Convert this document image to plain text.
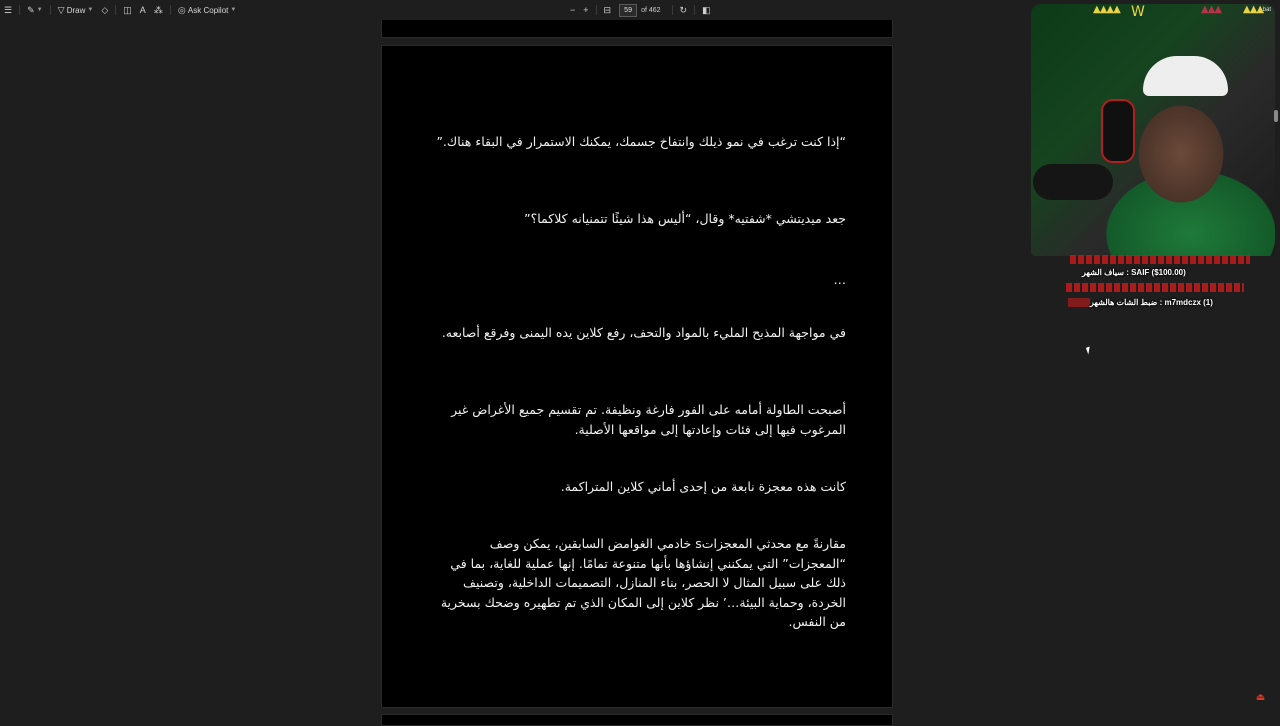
☰ ✎ ▼ ▽
Draw ▼ ◇ ◫ A ⁂ ◎
Ask Copilot ▼	− + ⊟	59	of 462 ↻ ◧
“إذا كنت ترغب في نمو ذيلك وانتفاخ جسمك، يمكنك الاستمرار في البقاء هناك.”
جعد ميديتشي *شفتيه* وقال، “أليس هذا شيئًا تتمنيانه كلاكما؟”
…
في مواجهة المذبح المليء بالمواد والتحف، رفع كلاين يده اليمنى وفرقع أصابعه.
أصبحت الطاولة أمامه على الفور فارغة ونظيفة. تم تقسيم جميع الأغراض غير المرغوب فيها إلى فئات وإعادتها إلى مواقعها الأصلية.
كانت هذه معجزة نابعة من إحدى أماني كلاين المتراكمة.
مقارنةً مع محدثي المعجزاتs خادمي الغوامض السابقين، يمكن وصف “المعجزات” التي يمكنني إنشاؤها بأنها متنوعة تمامًا. إنها عملية للغاية، بما في ذلك على سبيل المثال لا الحصر، بناء المنازل، التصميمات الداخلية، وتصنيف الخردة، وحماية البيئة…’ نظر كلاين إلى المكان الذي تم تطهيره وضحك بسخرية من النفس.
▲▲▲▲ W	▲▲▲ ▲▲▲ bat
SAIF ($100.00) : سياف الشهر
m7mdczx (1) : ضبط الشات هالشهر
⏏
